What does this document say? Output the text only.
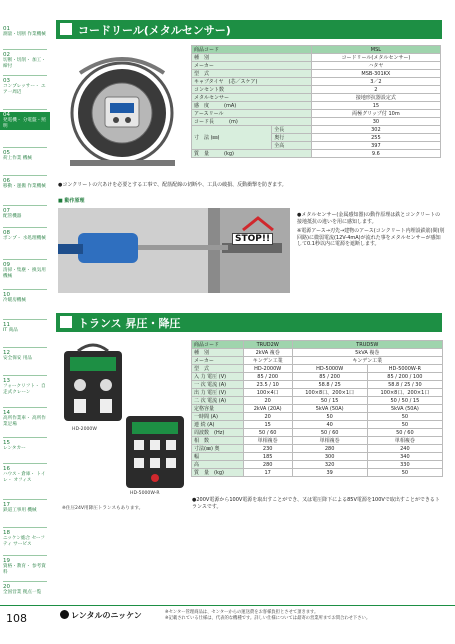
01
測量・切断 作業機械
02
切断・切削・ 加工・締付
03
コンプレッサー・ エア一周辺
04
発電機・ 分電盤・照明
05
荷上作業 機械
06
移動・運搬 作業機械
07
配管機器
08
ポンプ・ 水処理機械
09
清掃・集塵・ 換気用機械
10
冷暖房機械
11
IT 商品
12
安全保安 用品
13
フォークリフト・ 自走式クレーン
14
高所作業車・ 高所作業足場
15
レンタカー
16
ハウス・倉庫・ トイレ・ オフィス
17
鉄道工事用 機械
18
ニッケン総合 セーフティ サービス
19
資格・教育・ 参考資料
20
全国営業 拠点一覧
コードリール(メタルセンサー)
商品コード		MSL
種　別		コードリール(メタルセンサー)
メーカー		ハタヤ
型　式		MSB-301KX
キャブタイヤ　(芯／スケア)		3／2
コンセント数		2
メタルセンサー		接地形抗器設定式
感　度　　　(mA)		15
アースリール		両極グリップ付 10m
コード長　　　(m)		30
寸　法 (㎜)	全長	302
	奥行	255
	全高	397
質　量　　　(kg)		9.6
●コンクリートの穴あけを必要とする工事で、配筋配線の切断や、工具の破損、反動衝撃を防ぎます。
■ 動作原理
STOP!!
●メタルセンサー(金属感知器)の動作原理は鉄とコンクリートの接地抵抗の違いを用に感知します。
※電源アース→刃先→建物のアース(コンクリート内埋設鉄筋)間(別回路)に微弱電流(12V-4mA)が流れた事をメタルセンサーが感知して0.1秒以内に電源を遮断します。
トランス 昇圧・降圧
HD-2000W
HD-5000W-R
※住圧24V用降圧トランスもあります。
商品コード	TRUD2W	TRUD5W	
種　別	2kVA 複巻	5kVA 複巻	
メーカー	キンデン工業	キンデン工業	
型　式	HD-2000W	HD-5000W	HD-5000W-R
入 力 電圧 (V)	85 / 200	85 / 200	85 / 200 / 100
一 次 電流 (A)	23.5 / 10	58.8 / 25	58.8 / 25 / 30
出 力 電圧 (V)	100×4口	100×8口、200×1口	100×8口、200×1口
二 次 電流 (A)	20	50 / 15	50 / 50 / 15
定格容量	2kVA (20A)	5kVA (50A)	5kVA (50A)
一時間 (A)	20	50	50
連 続 (A)	15	40	50
周波数　(Hz)	50 / 60	50 / 60	50 / 60
相　数	単相複巻	単相複巻	単相複巻
寸法(㎜) 奥	230	280	240
幅	185	300	340
高	280	320	330
質　量　(kg)	17	39	50
●200V電源から100V電源を取出すことができ、又は電圧降下による85V電源を100Vで取出すことができるトランスです。
108	レンタルのニッケン	※センター管理商品は、センターからの運送費をお客様負担とさせて頂きます。
※記載されている仕様は、代表的な機種です。詳しい仕様については最寄の営業所までお問合わせ下さい。
